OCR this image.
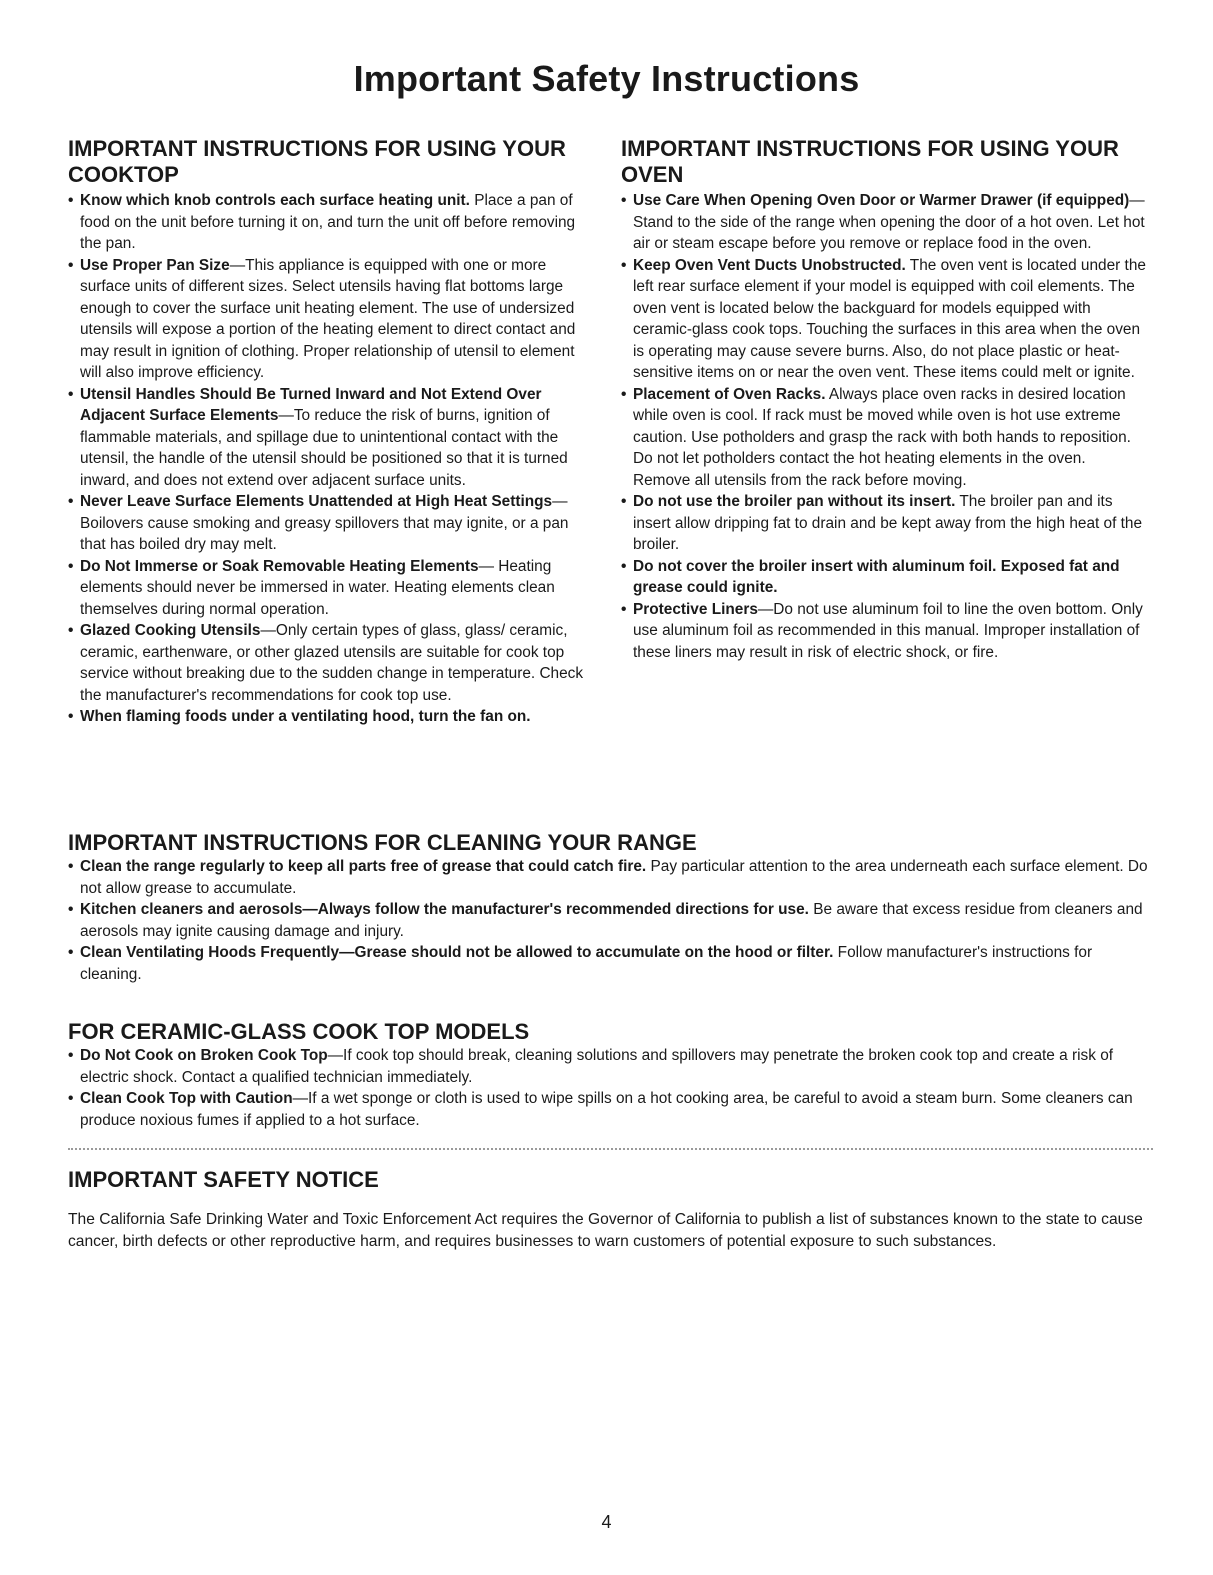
Important Safety Instructions
IMPORTANT INSTRUCTIONS FOR USING YOUR COOKTOP
• Know which knob controls each surface heating unit. Place a pan of food on the unit before turning it on, and turn the unit off before removing the pan.
• Use Proper Pan Size—This appliance is equipped with one or more surface units of different sizes. Select utensils having flat bottoms large enough to cover the surface unit heating element. The use of undersized utensils will expose a portion of the heating element to direct contact and may result in ignition of clothing. Proper relationship of utensil to element will also improve efficiency.
• Utensil Handles Should Be Turned Inward and Not Extend Over Adjacent Surface Elements—To reduce the risk of burns, ignition of flammable materials, and spillage due to unintentional contact with the utensil, the handle of the utensil should be positioned so that it is turned inward, and does not extend over adjacent surface units.
• Never Leave Surface Elements Unattended at High Heat Settings—Boilovers cause smoking and greasy spillovers that may ignite, or a pan that has boiled dry may melt.
• Do Not Immerse or Soak Removable Heating Elements— Heating elements should never be immersed in water. Heating elements clean themselves during normal operation.
• Glazed Cooking Utensils—Only certain types of glass, glass/ ceramic, ceramic, earthenware, or other glazed utensils are suitable for cook top service without breaking due to the sudden change in temperature. Check the manufacturer's recommendations for cook top use.
• When flaming foods under a ventilating hood, turn the fan on.
IMPORTANT INSTRUCTIONS FOR USING YOUR OVEN
• Use Care When Opening Oven Door or Warmer Drawer (if equipped)—Stand to the side of the range when opening the door of a hot oven. Let hot air or steam escape before you remove or replace food in the oven.
• Keep Oven Vent Ducts Unobstructed. The oven vent is located under the left rear surface element if your model is equipped with coil elements. The oven vent is located below the backguard for models equipped with ceramic-glass cook tops. Touching the surfaces in this area when the oven is operating may cause severe burns. Also, do not place plastic or heat-sensitive items on or near the oven vent. These items could melt or ignite.
• Placement of Oven Racks. Always place oven racks in desired location while oven is cool. If rack must be moved while oven is hot use extreme caution. Use potholders and grasp the rack with both hands to reposition. Do not let potholders contact the hot heating elements in the oven. Remove all utensils from the rack before moving.
• Do not use the broiler pan without its insert. The broiler pan and its insert allow dripping fat to drain and be kept away from the high heat of the broiler.
• Do not cover the broiler insert with aluminum foil. Exposed fat and grease could ignite.
• Protective Liners—Do not use aluminum foil to line the oven bottom. Only use aluminum foil as recommended in this manual. Improper installation of these liners may result in risk of electric shock, or fire.
IMPORTANT INSTRUCTIONS FOR CLEANING YOUR RANGE
• Clean the range regularly to keep all parts free of grease that could catch fire. Pay particular attention to the area underneath each surface element. Do not allow grease to accumulate.
• Kitchen cleaners and aerosols—Always follow the manufacturer's recommended directions for use. Be aware that excess residue from cleaners and aerosols may ignite causing damage and injury.
• Clean Ventilating Hoods Frequently—Grease should not be allowed to accumulate on the hood or filter. Follow manufacturer's instructions for cleaning.
FOR CERAMIC-GLASS COOK TOP MODELS
• Do Not Cook on Broken Cook Top—If cook top should break, cleaning solutions and spillovers may penetrate the broken cook top and create a risk of electric shock. Contact a qualified technician immediately.
• Clean Cook Top with Caution—If a wet sponge or cloth is used to wipe spills on a hot cooking area, be careful to avoid a steam burn. Some cleaners can produce noxious fumes if applied to a hot surface.
IMPORTANT SAFETY NOTICE

The California Safe Drinking Water and Toxic Enforcement Act requires the Governor of California to publish a list of substances known to the state to cause cancer, birth defects or other reproductive harm, and requires businesses to warn customers of potential exposure to such substances.

4
